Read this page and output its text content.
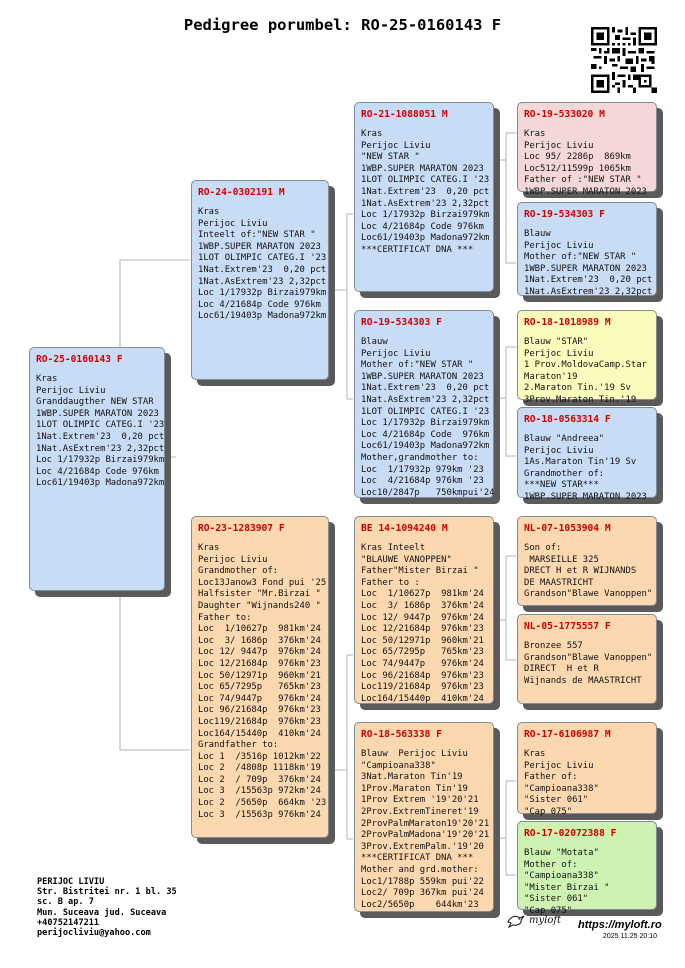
Pedigree porumbel: RO-25-0160143 F
RO-25-0160143 F
Kras
Perijoc Liviu
Granddaugther NEW STAR
1WBP.SUPER MARATON 2023
1LOT OLIMPIC CATEG.I '23
1Nat.Extrem'23  0,20 pct
1Nat.AsExtrem'23 2,32pct
Loc 1/17932p Birzai979km
Loc 4/21684p Code 976km
Loc61/19403p Madona972km
RO-24-0302191 M
Kras
Perijoc Liviu
Inteelt of:"NEW STAR "
1WBP.SUPER MARATON 2023
1LOT OLIMPIC CATEG.I '23
1Nat.Extrem'23  0,20 pct
1Nat.AsExtrem'23 2,32pct
Loc 1/17932p Birzai979km
Loc 4/21684p Code 976km
Loc61/19403p Madona972km
RO-23-1283907 F
Kras
Perijoc Liviu
Grandmother of:
Loc13Janow3 Fond pui '25
Halfsister "Mr.Birzai "
Daughter "Wijnands240 "
Father to:
Loc  1/10627p  981km'24
Loc  3/ 1686p  376km'24
Loc 12/ 9447p  976km'24
Loc 12/21684p  976km'23
Loc 50/12971p  960km'21
Loc 65/7295p   765km'23
Loc 74/9447p   976km'24
Loc 96/21684p  976km'23
Loc119/21684p  976km'23
Loc164/15440p  410km'24
Grandfather to:
Loc 1  /3516p 1012km'22
Loc 2  /4808p 1118km'19
Loc 2  / 709p  376km'24
Loc 3  /15563p 972km'24
Loc 2  /5650p  664km '23
Loc 3  /15563p 976km'24
RO-21-1088051 M
Kras
Perijoc Liviu
"NEW STAR "
1WBP.SUPER MARATON 2023
1LOT OLIMPIC CATEG.I '23
1Nat.Extrem'23  0,20 pct
1Nat.AsExtrem'23 2,32pct
Loc 1/17932p Birzai979km
Loc 4/21684p Code 976km
Loc61/19403p Madona972km
***CERTIFICAT DNA ***
RO-19-534303 F
Blauw
Perijoc Liviu
Mother of:"NEW STAR "
1WBP.SUPER MARATON 2023
1Nat.Extrem'23  0,20 pct
1Nat.AsExtrem'23 2,32pct
1LOT OLIMPIC CATEG.I '23
Loc 1/17932p Birzai979km
Loc 4/21684p Code  976km
Loc61/19403p Madona972km
Mother,grandmother to:
Loc  1/17932p 979km '23
Loc  4/21684p 976km '23
Loc10/2847p   750kmpui'24
BE 14-1094240 M
Kras Inteelt
"BLAUWE VANOPPEN"
Father"Mister Birzai "
Father to :
Loc  1/10627p  981km'24
Loc  3/ 1686p  376km'24
Loc 12/ 9447p  976km'24
Loc 12/21684p  976km'23
Loc 50/12971p  960km'21
Loc 65/7295p   765km'23
Loc 74/9447p   976km'24
Loc 96/21684p  976km'23
Loc119/21684p  976km'23
Loc164/15440p  410km'24
RO-18-563338 F
Blauw  Perijoc Liviu
"Campioana338"
3Nat.Maraton Tin'19
1Prov.Maraton Tin'19
1Prov Extrem '19'20'21
2Prov.ExtremTineret'19
2ProvPalmMaraton19'20'21
2ProvPalmMadona'19'20'21
3Prov.ExtremPalm.'19'20
***CERTIFICAT DNA ***
Mother and grd.mother:
Loc1/1788p 559km pui'22
Loc2/ 709p 367km pui'24
Loc2/5650p    644km'23
RO-19-533020 M
Kras
Perijoc Liviu
Loc 95/ 2286p  869km
Loc512/11599p 1065km
Father of :"NEW STAR "
1WBP.SUPER MARATON 2023
RO-19-534303 F
Blauw
Perijoc Liviu
Mother of:"NEW STAR "
1WBP.SUPER MARATON 2023
1Nat.Extrem'23  0,20 pct
1Nat.AsExtrem'23 2,32pct
RO-18-1018989 M
Blauw "STAR"
Perijoc Liviu
1 Prov.MoldovaCamp.Star
Maraton'19
2.Maraton Tin.'19 Sv
3Prov.Maraton Tin.'19
RO-18-0563314 F
Blauw "Andreea"
Perijoc Liviu
1As.Maraton Tin'19 Sv
Grandmother of:
***NEW STAR***
1WBP.SUPER MARATON 2023
NL-07-1053904 M
Son of:
MARSEILLE 325
DRECT H et R WIJNANDS
DE MAASTRICHT
Grandson"Blawe Vanoppen"
NL-05-1775557 F
Bronzee 557
Grandson"Blawe Vanoppen"
DIRECT  H et R
Wijnands de MAASTRICHT
RO-17-6106987 M
Kras
Perijoc Liviu
Father of:
"Campioana338"
"Sister 061"
"Cap 075"
RO-17-02072388 F
Blauw "Motata"
Mother of:
"Campioana338"
"Mister Birzai "
"Sister 061"
"Cap 075"
PERIJOC LIVIU
Str. Bistritei nr. 1 bl. 35
sc. B ap. 7
Mun. Suceava jud. Suceava
+40752147211
perijocliviu@yahoo.com
myloft https://myloft.ro
2025.11.25 20:10
